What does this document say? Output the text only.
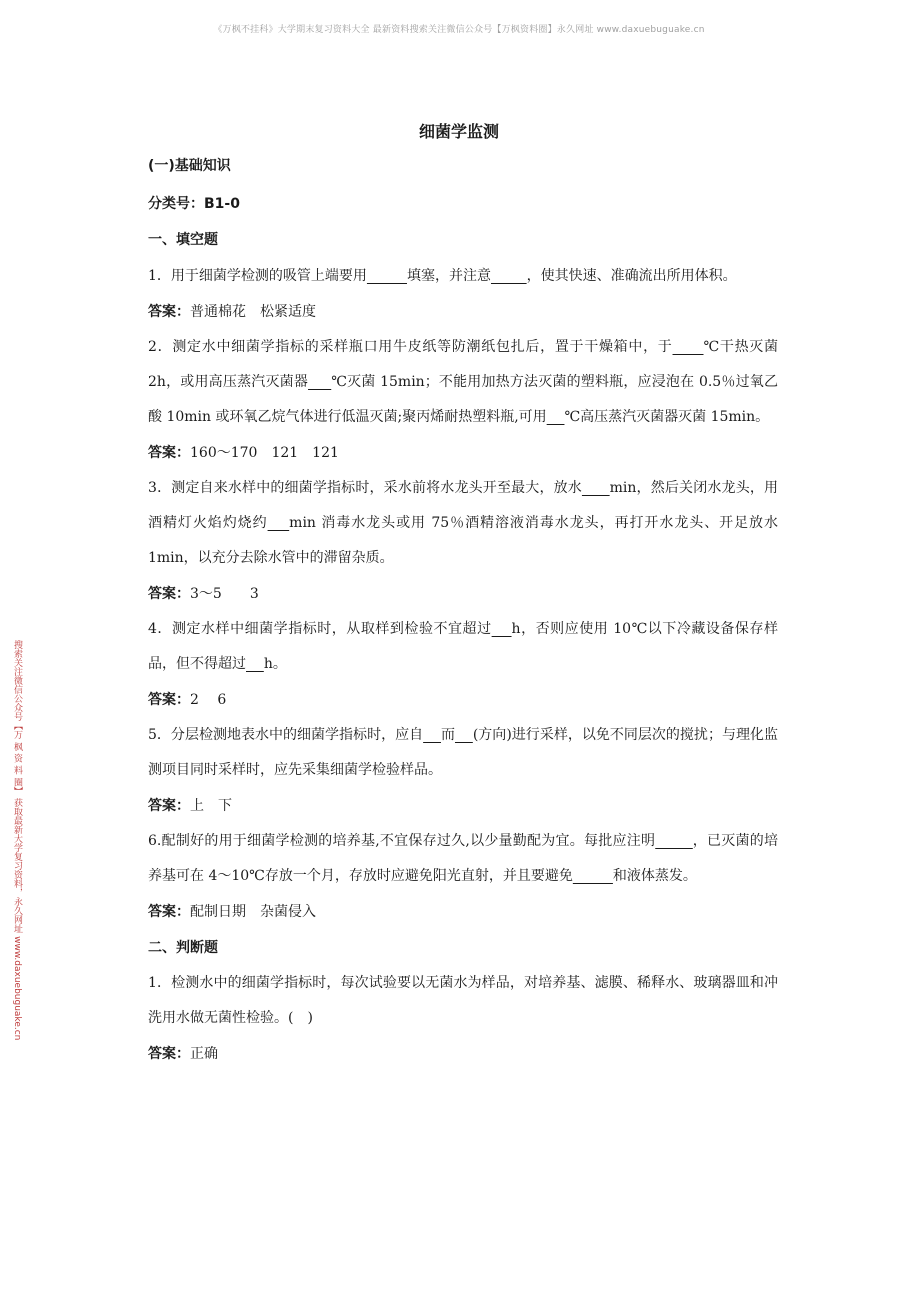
《万枫不挂科》大学期末复习资料大全 最新资料搜索关注微信公众号【万枫资料圈】永久网址 www.daxuebuguake.cn
搜索关注微信公众号【万 枫 资 料 圈】 获取最新大学复习资料，永久网址 www.daxuebuguake.cn
细菌学监测

(一)基础知识

分类号：B1-0

一、填空题

1．用于细菌学检测的吸管上端要用	填塞，并注意	，使其快速、准确流出所用体积。

答案：普通棉花　松紧适度

2．测定水中细菌学指标的采样瓶口用牛皮纸等防潮纸包扎后，置于干燥箱中，于 ℃干热灭菌 2h，或用高压蒸汽灭菌器 ℃灭菌 15min；不能用加热方法灭菌的塑料瓶，应浸泡在 0.5％过氧乙酸 10min 或环氧乙烷气体进行低温灭菌;聚丙烯耐热塑料瓶,可用 ℃高压蒸汽灭菌器灭菌 15min。

答案：160～170　121　121

3．测定自来水样中的细菌学指标时，采水前将水龙头开至最大，放水 min，然后关闭水龙头，用酒精灯火焰灼烧约 min 消毒水龙头或用 75％酒精溶液消毒水龙头，再打开水龙头、开足放水 1min，以充分去除水管中的滞留杂质。

答案：3～5　　3

4．测定水样中细菌学指标时，从取样到检验不宜超过 h，否则应使用 10℃以下冷藏设备保存样品，但不得超过 h。

答案：2　 6

5．分层检测地表水中的细菌学指标时，应自 而 (方向)进行采样，以免不同层次的搅扰；与理化监测项目同时采样时，应先采集细菌学检验样品。

答案：上　下

6.配制好的用于细菌学检测的培养基,不宜保存过久,以少量勤配为宜。每批应注明	，已灭菌的培养基可在 4～10℃存放一个月，存放时应避免阳光直射，并且要避免	和液体蒸发。

答案：配制日期　杂菌侵入

二、判断题

1．检测水中的细菌学指标时，每次试验要以无菌水为样品，对培养基、滤膜、稀释水、玻璃器皿和冲洗用水做无菌性检验。(　)

答案：正确
